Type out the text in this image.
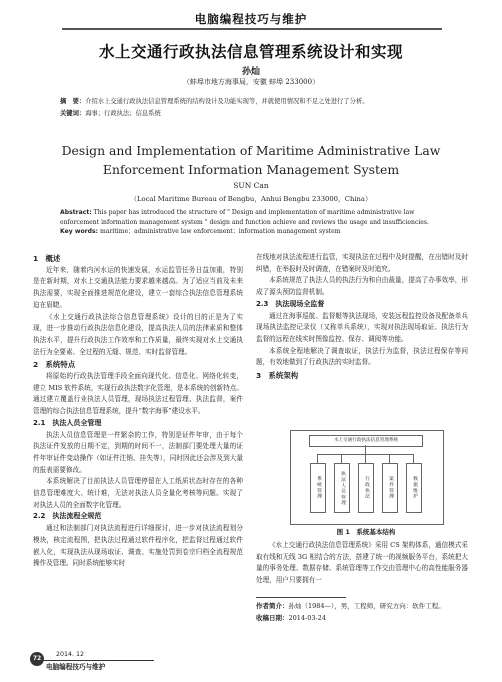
电脑编程技巧与维护
水上交通行政执法信息管理系统设计和实现
孙灿
（蚌埠市地方海事局，安徽 蚌埠 233000）
摘　要：介绍水上交通行政执法信息管理系统的结构设计及功能实现等，并就使用情况和不足之处进行了分析。
关键词：海事；行政执法；信息系统
Design and Implementation of Maritime Administrative Law
Enforcement Information Management System
SUN Can
（Local Maritime Bureau of Bengbu，Anhui Bengbu 233000，China）
Abstract: This paper has introduced the structure of " Design and implementation of maritime administrative law enforcement information management system " design and function achieve and reviews the usage and insufficiencies.
Key words: maritime；administrative law enforcement；information management system
1　概述

近年来，随着内河水运的快速发展，水运监管任务日益加重，特别是在新时期，对水上交通执法能力要求越来越高。为了适应当前及未来执法需要，实现全面推进规范化建设，建立一套综合执法信息管理系统迫在眉睫。

《水上交通行政执法综合信息管理系统》设计的目的正是为了实现，进一步推动行政执法信息化建设，提高执法人员的法律素质和整体执法水平，提升行政执法工作效率和工作质量，最终实现对水上交通执法行为全要素、全过程的无缝、规范、实时监督管理。

2　系统特点

将原始的行政执法管理手段全面向现代化、信息化、网络化转变，建立 MIS 软件系统，实现行政执法数字化管理，是本系统的创新特点。通过建立覆盖行业执法人员管理，现场执法过程管理、执法监督，案件管理的综合执法信息管理系统，提升“数字海事”建设水平。

2.1　执法人员全管理

执法人员信息管理是一件繁杂的工作，特别是证件年审，由于每个执法证件发放的日期不定，到期的时间不一，法制部门要处理大量的证件年审证件变动操作（如证件注销、挂失等），同时因此还会涉及到大量的报表需要修改。

本系统解决了目前执法人员管理停留在人工纸质状态时存在的各种信息管理难度大、统计难，无法对执法人员全量化考核等问题。实现了对执法人员的全面数字化管理。

2.2　执法流程全规范

通过和法制部门对执法流程进行详细探讨，进一步对执法流程划分模块，核定流程图，把执法过程通过软件程序化，把监督过程通过软件嵌入化，实现执法从现场取证、调查、实施处罚到卷宗归档全流程规范操作及管理。同时系统能够实时

在线地对执法流程进行监管，实现执法在过程中及时提醒，在出错时及时纠错，在举报时及时调查，在错案时及时追究。

本系统规范了执法人员的执法行为和自由裁量，提高了办事效率，形成了源头预防监督机制。

2.3　执法现场全监督

通过在海事巡航、监督艇等执法现场，安装远程监控设备及配备单兵现场执法监控记录仪（又称单兵系统），实现对执法现场取证、执法行为监督的远程在线实时图像监控、保存、调阅等功能。

本系统全程地解决了调查取证，执法行为监督，执法过程保存等问题，有效地做到了行政执法的实时监督。

3　系统架构
水上交通行政执法信息管理系统
系统管理	执法人员管理	行政执法	案件管理	数据维护
图 1　系统基本结构

《水上交通行政执法信息管理系统》采用 CS 架构体系，通信模式采取有线和无线 3G 相结合的方法，搭建了统一的视频服务平台，系统把大量的事务处理、数据存储、系统管理等工作交由管理中心的高性能服务器处理，用户只要拥有一

作者简介：孙灿（1984—），男，工程师，研究方向：软件工程。
收稿日期：2014-03-24
72
2014. 12
电脑编程技巧与维护
